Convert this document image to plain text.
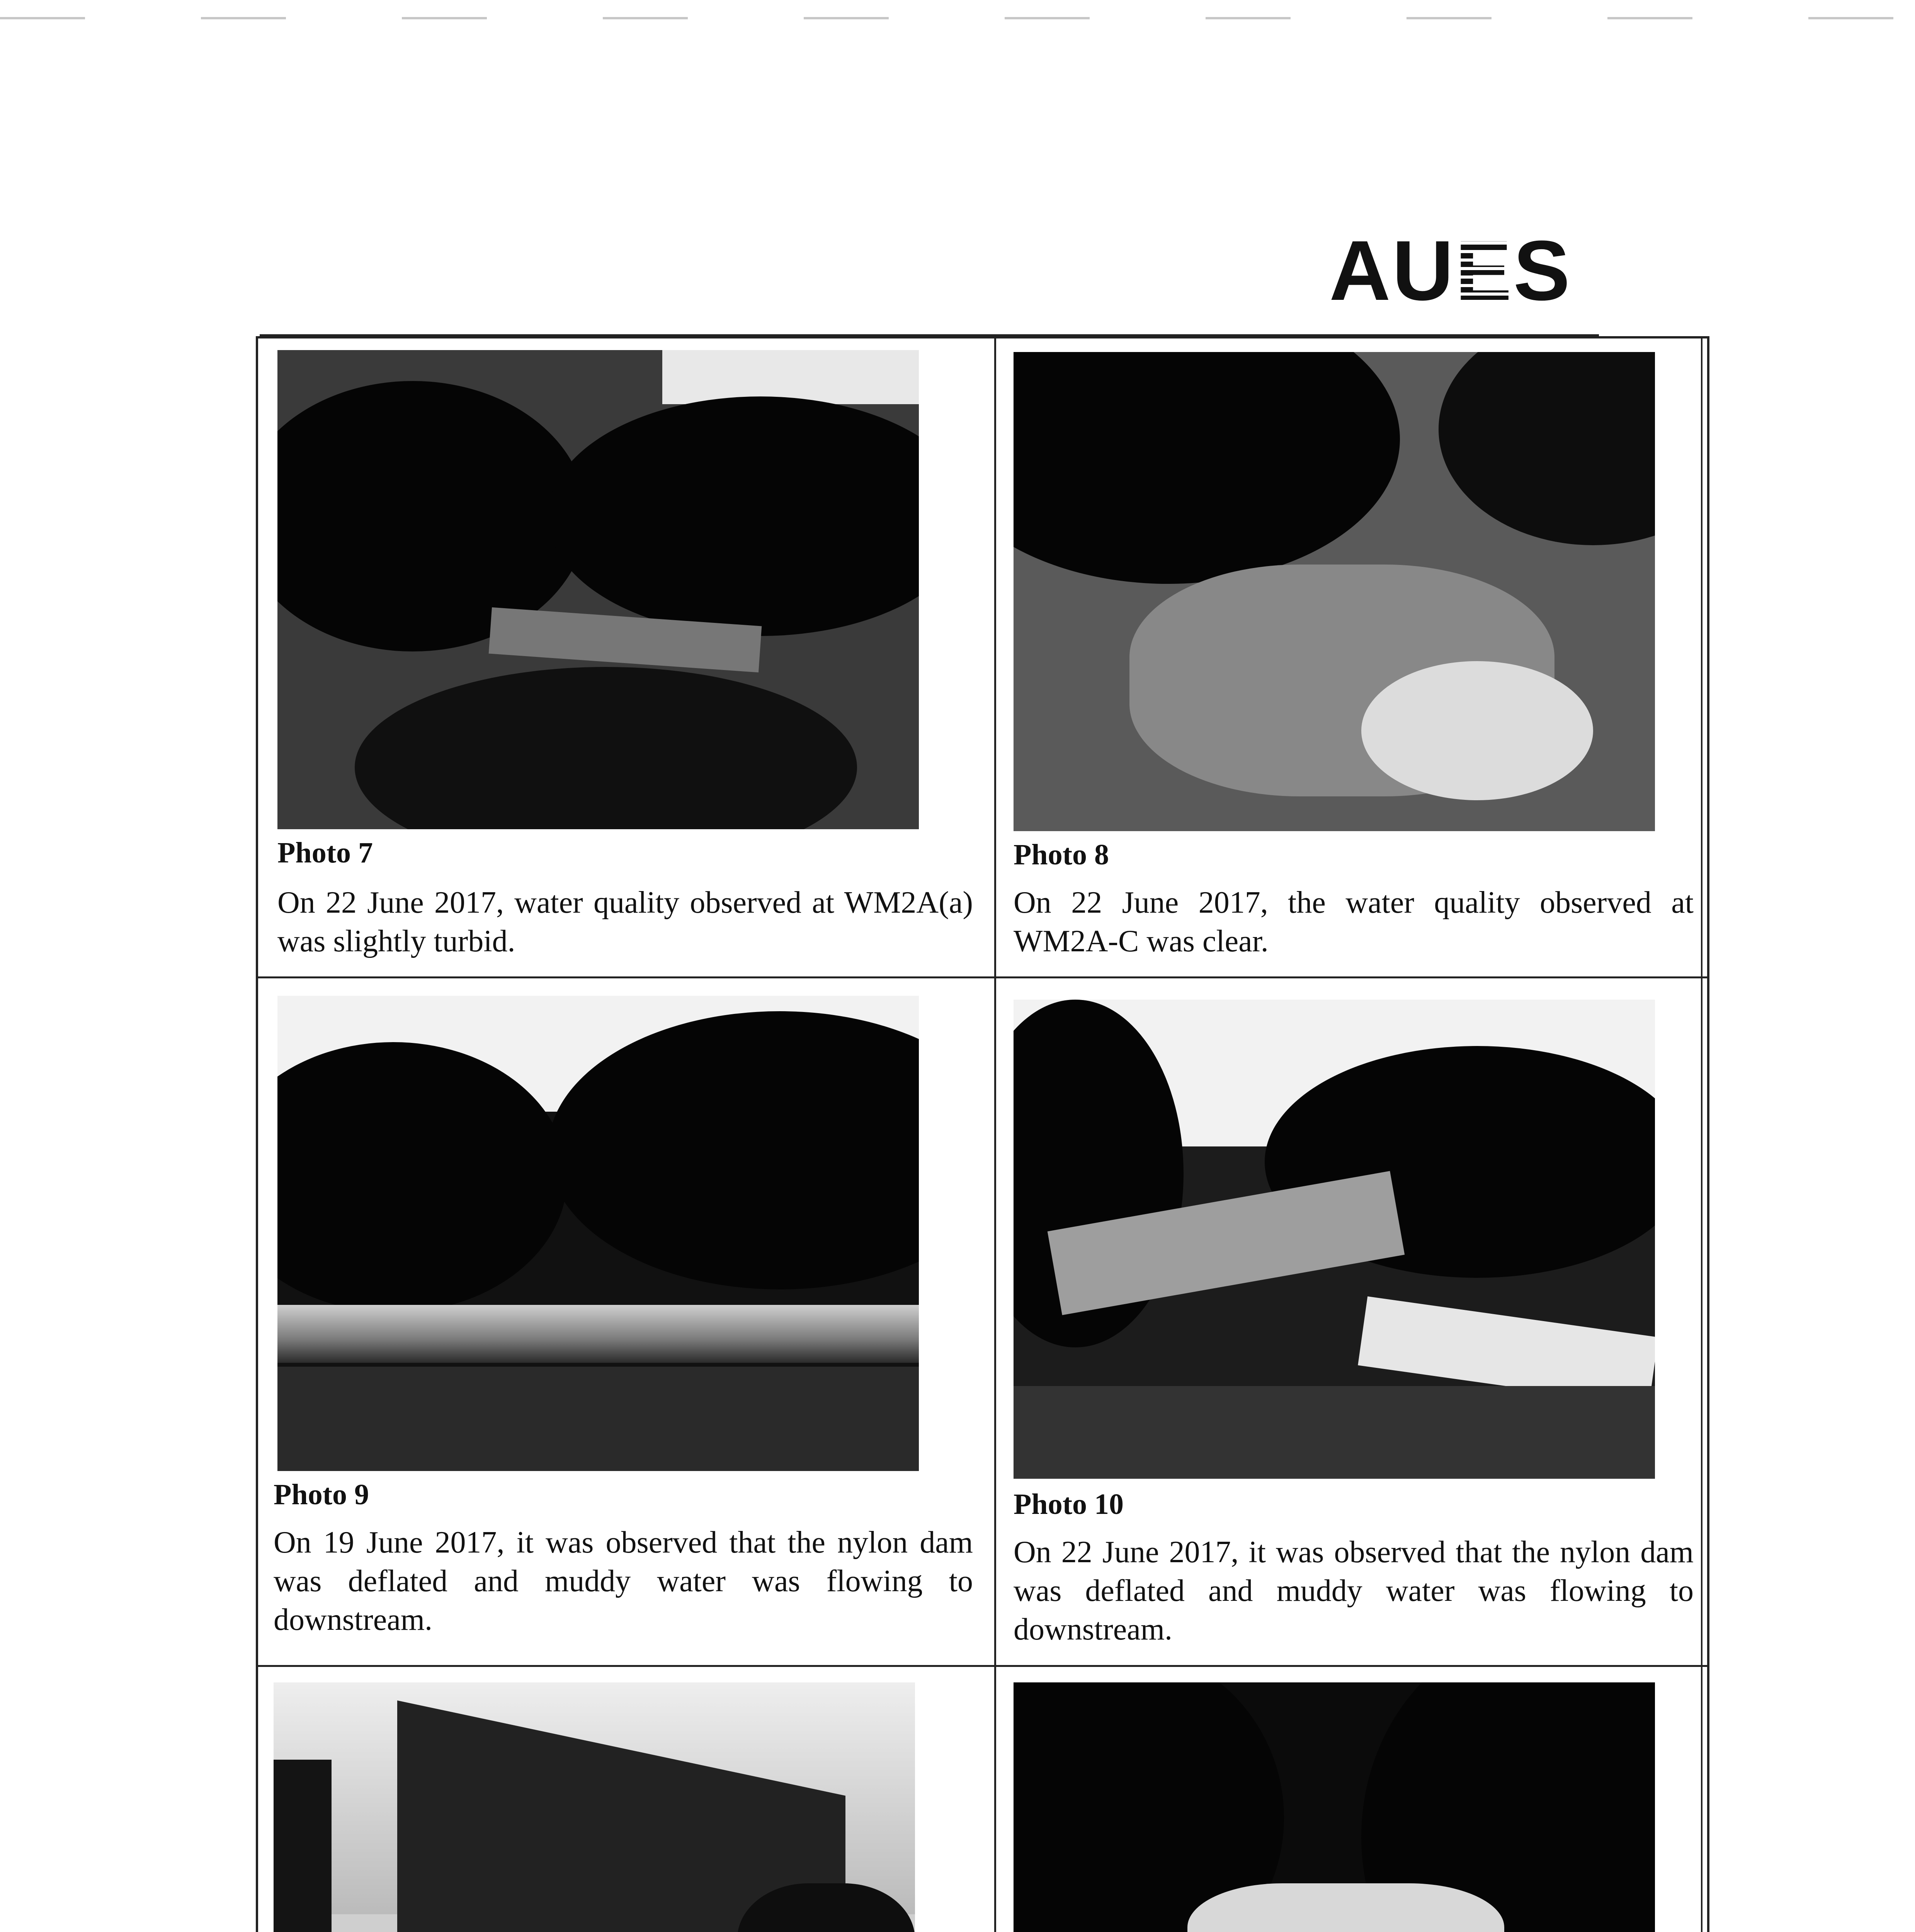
AUES
Photo 7
On 22 June 2017, water quality observed at WM2A(a) was slightly turbid.
Photo 8
On 22 June 2017, the water quality observed at WM2A-C was clear.
Photo 9
On 19 June 2017, it was observed that the nylon dam was deflated and muddy water was flowing to downstream.
Photo 10
On 22 June 2017, it was observed that the nylon dam was deflated and muddy water was flowing to downstream.
